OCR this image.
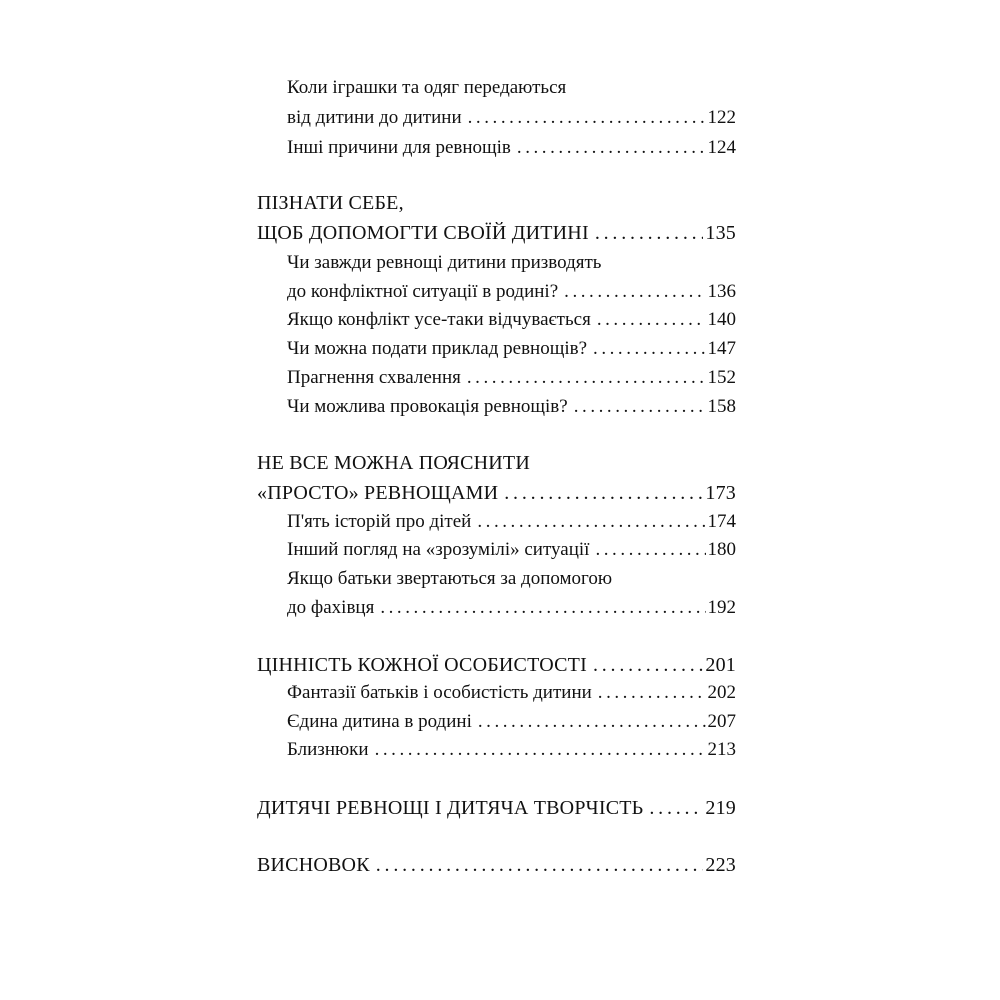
Коли іграшки та одяг передаються
від дитини до дитини . . .	122
Інші причини для ревнощів . . .	124
ПІЗНАТИ СЕБЕ,
ЩОБ ДОПОМОГТИ СВОЇЙ ДИТИНІ . . .	135
Чи завжди ревнощі дитини призводять
до конфліктної ситуації в родині? . . .	136
Якщо конфлікт усе-таки відчувається . . .	140
Чи можна подати приклад ревнощів? . . .	147
Прагнення схвалення . . .	152
Чи можлива провокація ревнощів? . . .	158
НЕ ВСЕ МОЖНА ПОЯСНИТИ
«ПРОСТО» РЕВНОЩАМИ . . .	173
П'ять історій про дітей . . .	174
Інший погляд на «зрозумілі» ситуації . . .	180
Якщо батьки звертаються за допомогою
до фахівця . . .	192
ЦІННІСТЬ КОЖНОЇ ОСОБИСТОСТІ . . .	201
Фантазії батьків і особистість дитини . . .	202
Єдина дитина в родині . . .	207
Близнюки . . .	213
ДИТЯЧІ РЕВНОЩІ І ДИТЯЧА ТВОРЧІСТЬ . . .	219
ВИСНОВОК . . .	223
